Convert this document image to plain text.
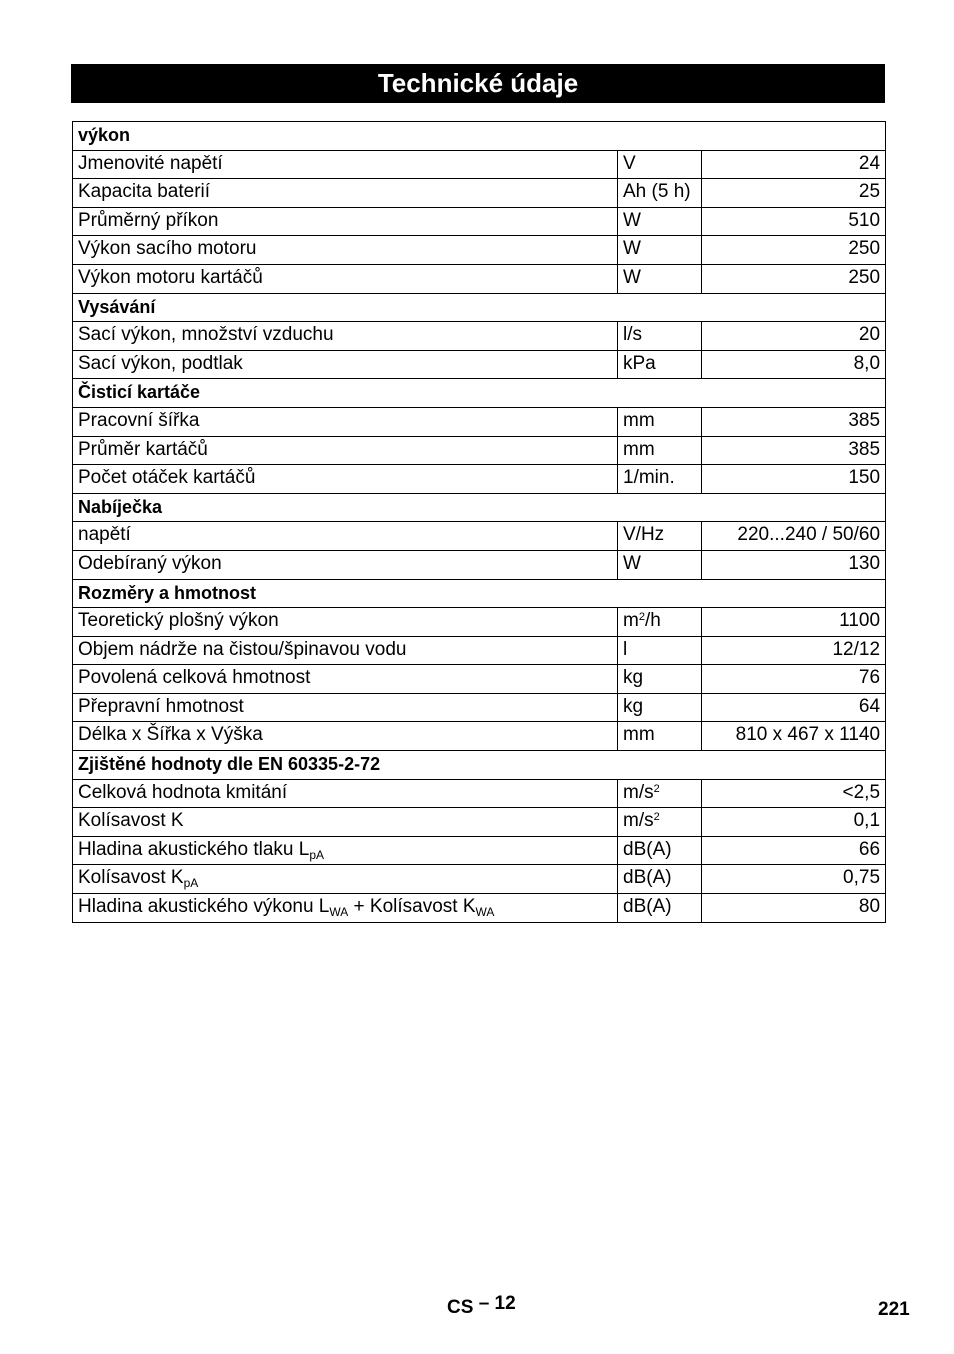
Technické údaje
výkon		
Jmenovité napětí	V	24
Kapacita baterií	Ah (5 h)	25
Průměrný příkon	W	510
Výkon sacího motoru	W	250
Výkon motoru kartáčů	W	250
Vysávání		
Sací výkon, množství vzduchu	l/s	20
Sací výkon, podtlak	kPa	8,0
Čisticí kartáče		
Pracovní šířka	mm	385
Průměr kartáčů	mm	385
Počet otáček kartáčů	1/min.	150
Nabíječka		
napětí	V/Hz	220...240 / 50/60
Odebíraný výkon	W	130
Rozměry a hmotnost		
Teoretický plošný výkon	$m^2/h$	1100
Objem nádrže na čistou/špinavou vodu	l	12/12
Povolená celková hmotnost	kg	76
Přepravní hmotnost	kg	64
Délka x Šířka x Výška	mm	810 x 467 x 1140
Zjištěné hodnoty dle EN 60335-2-72		
Celková hodnota kmitání	$m/s^2$	<2,5
Kolísavost K	$m/s^2$	0,1
Hladina akustického tlaku $L_{pA}$	dB(A)	66
Kolísavost $K_{pA}$	dB(A)	0,75
Hladina akustického výkonu $L_{WA}$ + Kolísavost $K_{WA}$	dB(A)	80
CS – 12	221
